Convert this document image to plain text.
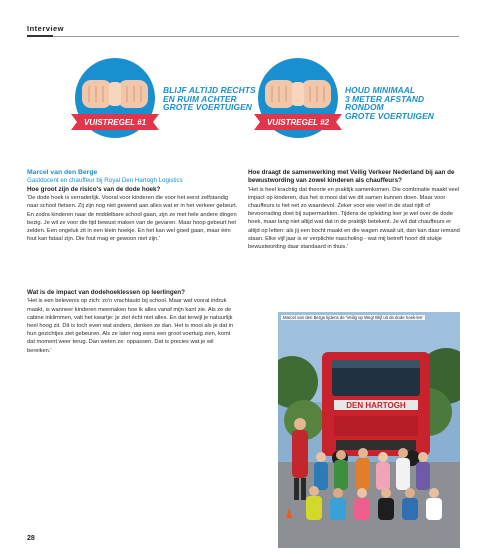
Interview
VUISTREGEL #1
BLIJF ALTIJD RECHTS
EN RUIM ACHTER
GROTE VOERTUIGEN
VUISTREGEL #2
HOUD MINIMAAL
3 METER AFSTAND RONDOM
GROTE VOERTUIGEN
Marcel van den Berge
Gastdocent en chauffeur bij Royal Den Hartogh Logistics
Hoe groot zijn de risico's van de dode hoek?

'De dode hoek is verraderlijk. Vooral voor kinderen die voor het eerst zelfstandig naar school fietsen. Zij zijn nog niet gewend aan alles wat er in het verkeer gebeurt. En zodra kinderen naar de middelbare school gaan, zijn ze met hele andere dingen bezig. Je wil ze voor die tijd bewust maken van de gevaren. Maar hoop gebeurt het zelden. Een ongeluk zit in een klein hoekje. En het kan wel goed gaan, maar één fout kan fataal zijn. Die fout mag er gewoon niet zijn.'

Wat is de impact van dodehoeklessen op leerlingen?

'Het is een belevenis op zich: zo'n vrachtauto bij school. Maar wat vooral indruk maakt, is wanneer kinderen meemaken hoe ik alles vanaf mijn kant zie. Als ze de cabine inklimmen, valt het kwartje: je ziet écht niet alles. En dat terwijl je natuurlijk heel hoog zit. Dit is toch even wat anders, denken ze dan. Het is mooi als je dat in hun gezichtjes ziet gebeuren. Als ze later nog eens een groot voertuig zien, komt dat moment weer terug. Dan weten ze: oppassen. Dat is precies wat je wil bereiken.'

Hoe draagt de samenwerking met Veilig Verkeer Nederland bij aan de bewustwording van zowel kinderen als chauffeurs?

'Het is heel krachtig dat theorie en praktijk samenkomen. Die combinatie maakt veel impact op kinderen, dus het is mooi dat we dit samen kunnen doen. Maar voor chauffeurs is het net zo waardevol. Zeker voor wie veel in de stad rijdt of bevoorrading doet bij supermarkten. Tijdens de opleiding leer je wel over de dode hoek, maar lang niet altijd wat dat in de praktijk betekent. Je wil dat chauffeurs er altijd op letten: als jij een bocht maakt en die wagen zwaait uit, dan kan daar iemand staan. Elke vijf jaar is er verplichte nascholing - wat mij betreft hoort dit stukje bewustwording daar standaard in thuis.'

DEN HARTOGH
Marcel van den Berge tijdens de 'Veilig op Weg! Blijf uit de dode hoek-les'
28
